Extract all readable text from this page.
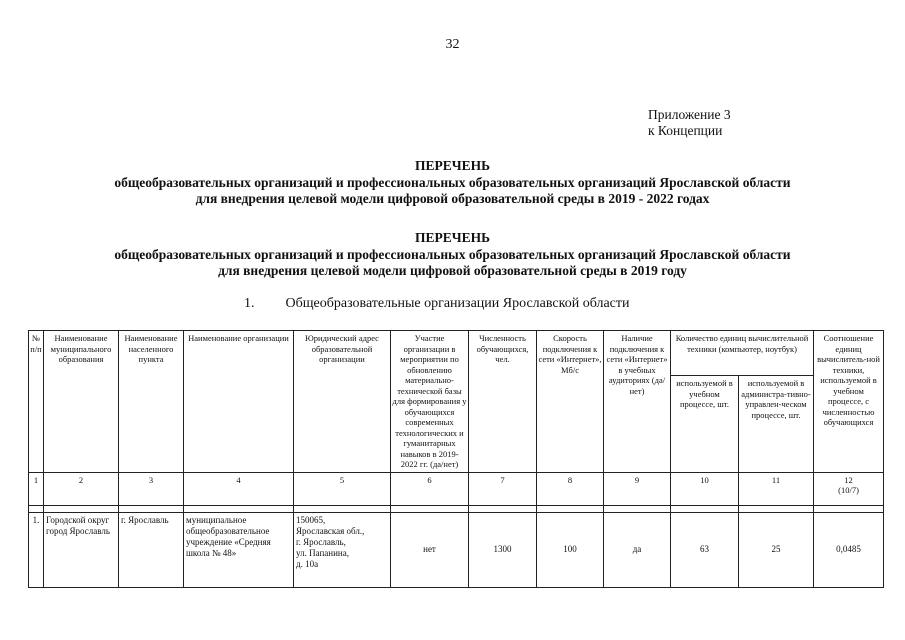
32
Приложение 3
к Концепции
ПЕРЕЧЕНЬ
общеобразовательных организаций и профессиональных образовательных организаций Ярославской области
для внедрения целевой модели цифровой образовательной среды в 2019 - 2022 годах
ПЕРЕЧЕНЬ
общеобразовательных организаций и профессиональных образовательных организаций Ярославской области
для внедрения целевой модели цифровой образовательной среды в 2019 году
1. Общеобразовательные организации Ярославской области
№ п/п	Наименование муниципального образования	Наименование населенного пункта	Наименование организации	Юридический адрес образовательной организации	Участие организации в мероприятии по обновлению материально-технической базы для формирования у обучающихся современных технологических и гуманитарных навыков в 2019-2022 гг. (да/нет)	Численность обучающихся, чел.	Скорость подключения к сети «Интернет», Мб/с	Наличие подключения к сети «Интернет» в учебных аудиториях (да/нет)	Количество единиц вычислительной техники (компьютер, ноутбук)		Соотношение единиц вычислитель-ной техники, используемой в учебном процессе, с численностью обучающихся
									используемой в учебном процессе, шт.	используемой в администра-тивно-управлен-ческом процессе, шт.	
1	2	3	4	5	6	7	8	9	10	11	12
(10/7)

1.	Городской округ город Ярославль	г. Ярославль	муниципальное общеобразовательное учреждение «Средняя школа № 48»	150065,
Ярославская обл.,
г. Ярославль,
ул. Папанина,
д. 10а	нет	1300	100	да	63	25	0,0485
